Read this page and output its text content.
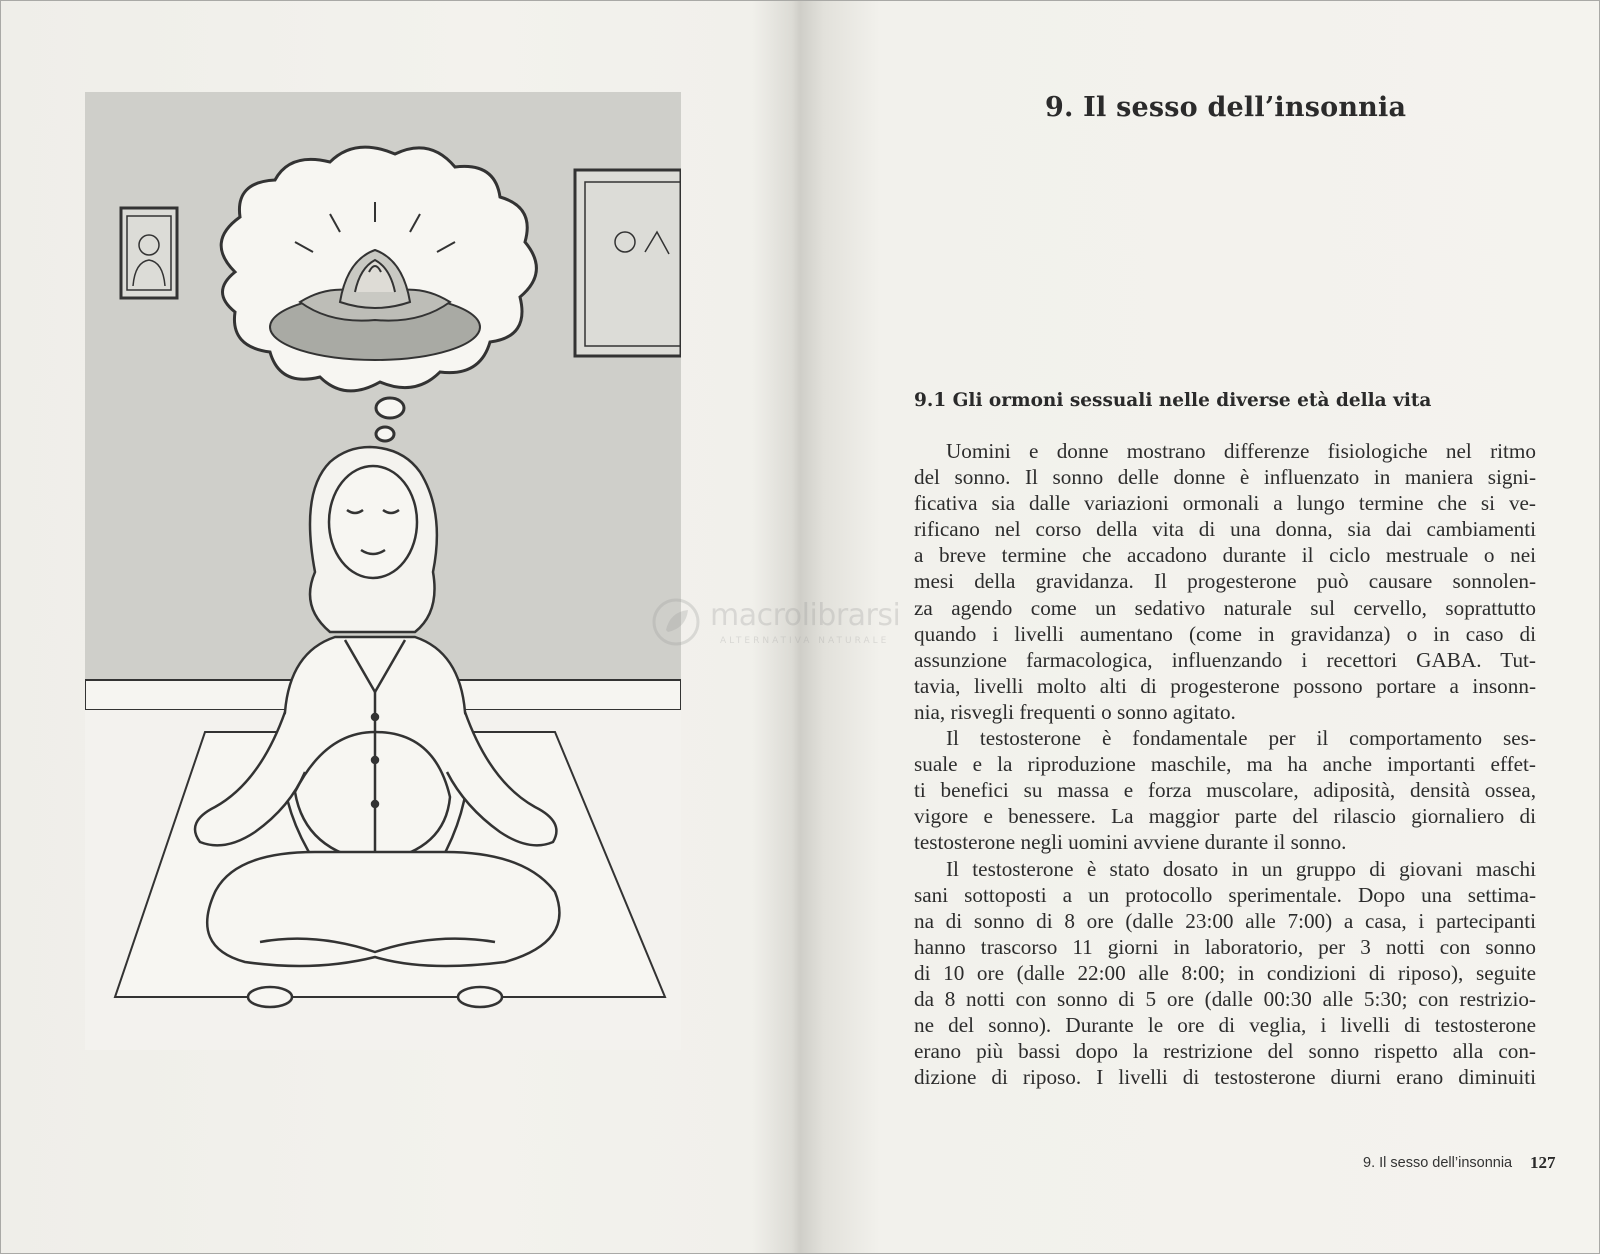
macrolibrarsi
ALTERNATIVA NATURALE
9. Il sesso dell’insonnia
9.1 Gli ormoni sessuali nelle diverse età della vita
Uomini e donne mostrano differenze fisiologiche nel ritmo
del sonno. Il sonno delle donne è influenzato in maniera signi-
ficativa sia dalle variazioni ormonali a lungo termine che si ve-
rificano nel corso della vita di una donna, sia dai cambiamenti
a breve termine che accadono durante il ciclo mestruale o nei
mesi della gravidanza. Il progesterone può causare sonnolen-
za agendo come un sedativo naturale sul cervello, soprattutto
quando i livelli aumentano (come in gravidanza) o in caso di
assunzione farmacologica, influenzando i recettori GABA. Tut-
tavia, livelli molto alti di progesterone possono portare a insonn-
nia, risvegli frequenti o sonno agitato.
Il testosterone è fondamentale per il comportamento ses-
suale e la riproduzione maschile, ma ha anche importanti effet-
ti benefici su massa e forza muscolare, adiposità, densità ossea,
vigore e benessere. La maggior parte del rilascio giornaliero di
testosterone negli uomini avviene durante il sonno.
Il testosterone è stato dosato in un gruppo di giovani maschi
sani sottoposti a un protocollo sperimentale. Dopo una settima-
na di sonno di 8 ore (dalle 23:00 alle 7:00) a casa, i partecipanti
hanno trascorso 11 giorni in laboratorio, per 3 notti con sonno
di 10 ore (dalle 22:00 alle 8:00; in condizioni di riposo), seguite
da 8 notti con sonno di 5 ore (dalle 00:30 alle 5:30; con restrizio-
ne del sonno). Durante le ore di veglia, i livelli di testosterone
erano più bassi dopo la restrizione del sonno rispetto alla con-
dizione di riposo. I livelli di testosterone diurni erano diminuiti
9. Il sesso dell’insonnia 127
